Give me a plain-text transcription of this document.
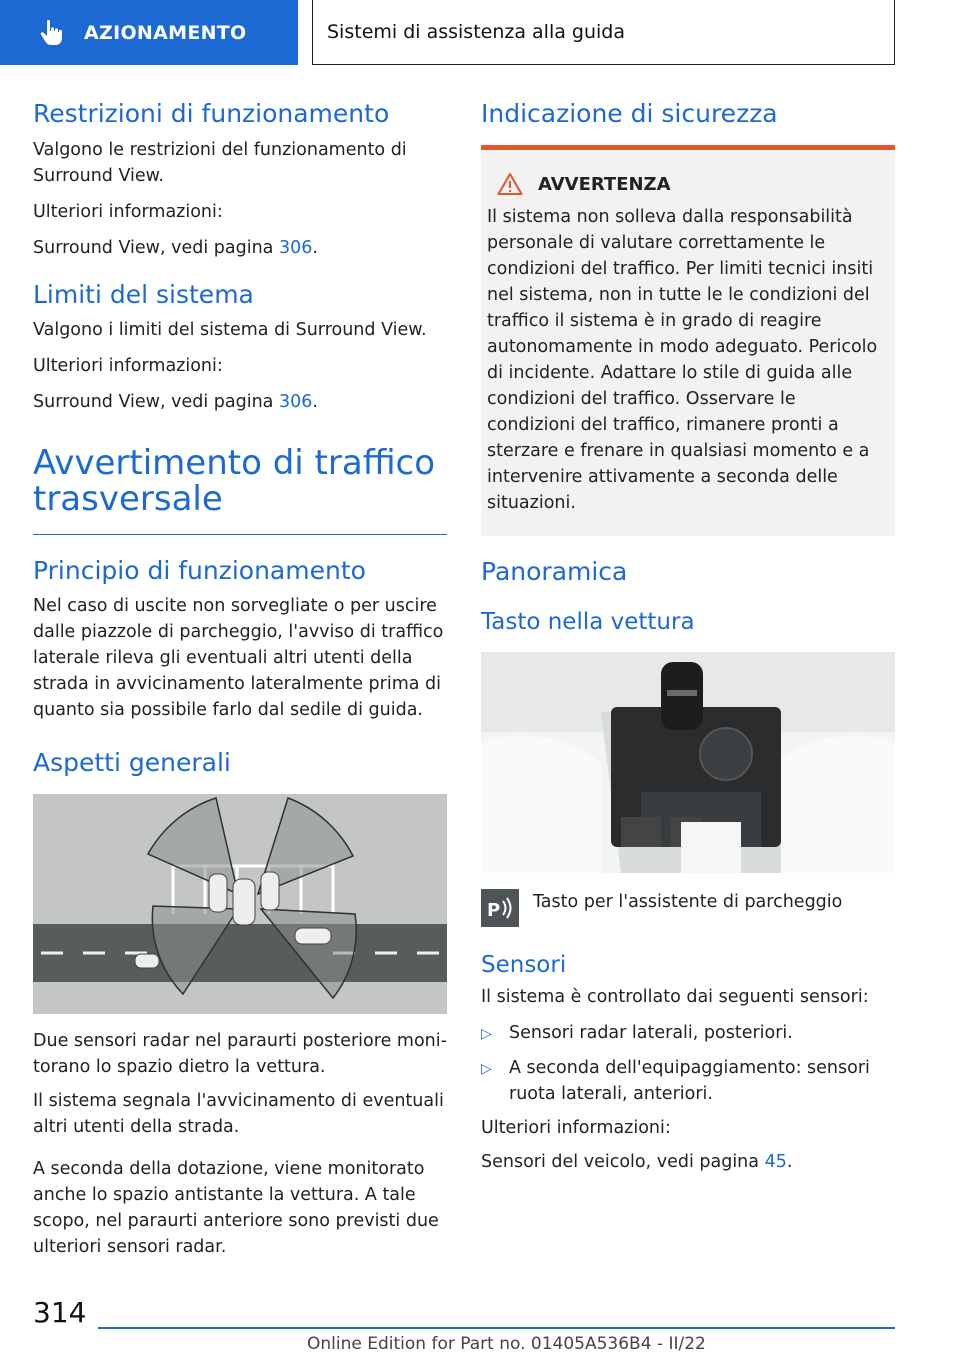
AZIONAMENTO	Sistemi di assistenza alla guida
Restrizioni di funzionamento

Valgono le restrizioni del funzionamento di Surround View.

Ulteriori informazioni:

Surround View, vedi pagina 306.

Limiti del sistema

Valgono i limiti del sistema di Surround View.

Ulteriori informazioni:

Surround View, vedi pagina 306.

Avvertimento di traffico trasversale
Principio di funzionamento

Nel caso di uscite non sorvegliate o per uscire dalle piazzole di parcheggio, l'avviso di traffico laterale rileva gli eventuali altri utenti della strada in avvicinamento lateralmente prima di quanto sia possibile farlo dal sedile di guida.

Aspetti generali

Due sensori radar nel paraurti posteriore monitorano lo spazio dietro la vettura.

Il sistema segnala l'avvicinamento di eventuali altri utenti della strada.

A seconda della dotazione, viene monitorato anche lo spazio antistante la vettura. A tale scopo, nel paraurti anteriore sono previsti due ulteriori sensori radar.

Indicazione di sicurezza
AVVERTENZA

Il sistema non solleva dalla responsabilità personale di valutare correttamente le condizioni del traffico. Per limiti tecnici insiti nel sistema, non in tutte le le condizioni del traffico il sistema è in grado di reagire autonomamente in modo adeguato. Pericolo di incidente. Adattare lo stile di guida alle condizioni del traffico. Osservare le condizioni del traffico, rimanere pronti a sterzare e frenare in qualsiasi momento e a intervenire attivamente a seconda delle situazioni.

Panoramica
Tasto nella vettura
P Tasto per l'assistente di parcheggio

Sensori

Il sistema è controllato dai seguenti sensori:

▷ Sensori radar laterali, posteriori.
▷ A seconda dell'equipaggiamento: sensori ruota laterali, anteriori.

Ulteriori informazioni:

Sensori del veicolo, vedi pagina 45.

314
Online Edition for Part no. 01405A536B4 - II/22
